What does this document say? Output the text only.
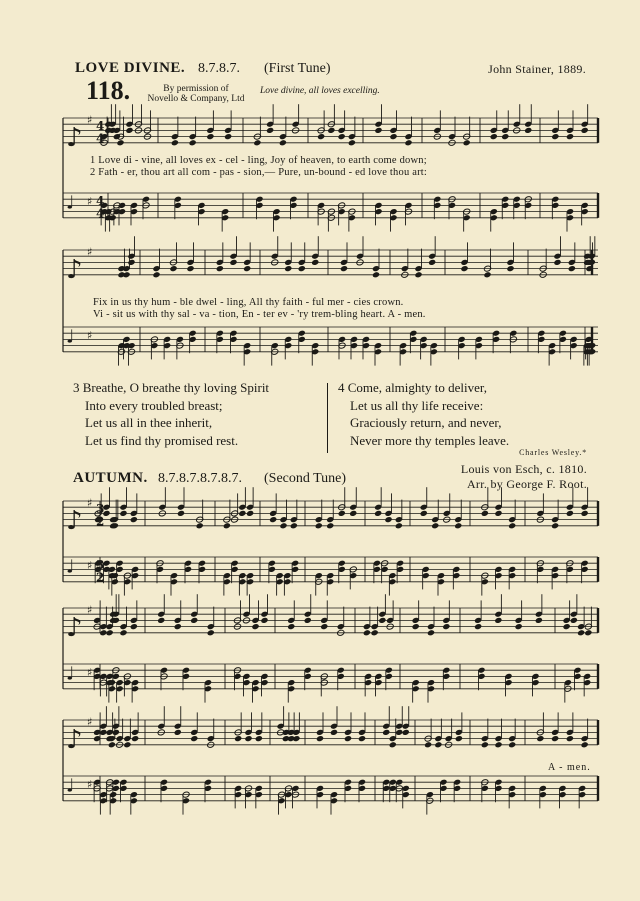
LOVE DIVINE. 8.7.8.7. (First Tune)	John Stainer, 1889.
118.	By permission of
Novello & Company, Ltd
Love divine, all loves excelling.
♪
♯ 4
4
♩ ♯ 4
4
♪
♯
♩ ♯
♪
♯ 3
2
♩ ♯ 3
2
♪
♯
♩ ♯
♪
♯
♩ ♯
1 Love di - vine, all loves ex - cel - ling, Joy of heaven, to earth come down;
2 Fath - er, thou art all com - pas - sion,— Pure, un-bound - ed love thou art:
Fix in us thy hum - ble dwel - ling, All thy faith - ful mer - cies crown.
Vi - sit us with thy sal - va - tion, En - ter ev - 'ry trem-bling heart. A - men.
3 Breathe, O breathe thy loving Spirit
Into every troubled breast;
Let us all in thee inherit,
Let us find thy promised rest.
4 Come, almighty to deliver,
Let us all thy life receive:
Graciously return, and never,
Never more thy temples leave.
Charles Wesley.*
AUTUMN. 8.7.8.7.8.7.8.7. (Second Tune)
Louis von Esch, c. 1810.
Arr. by George F. Root.
A - men.
